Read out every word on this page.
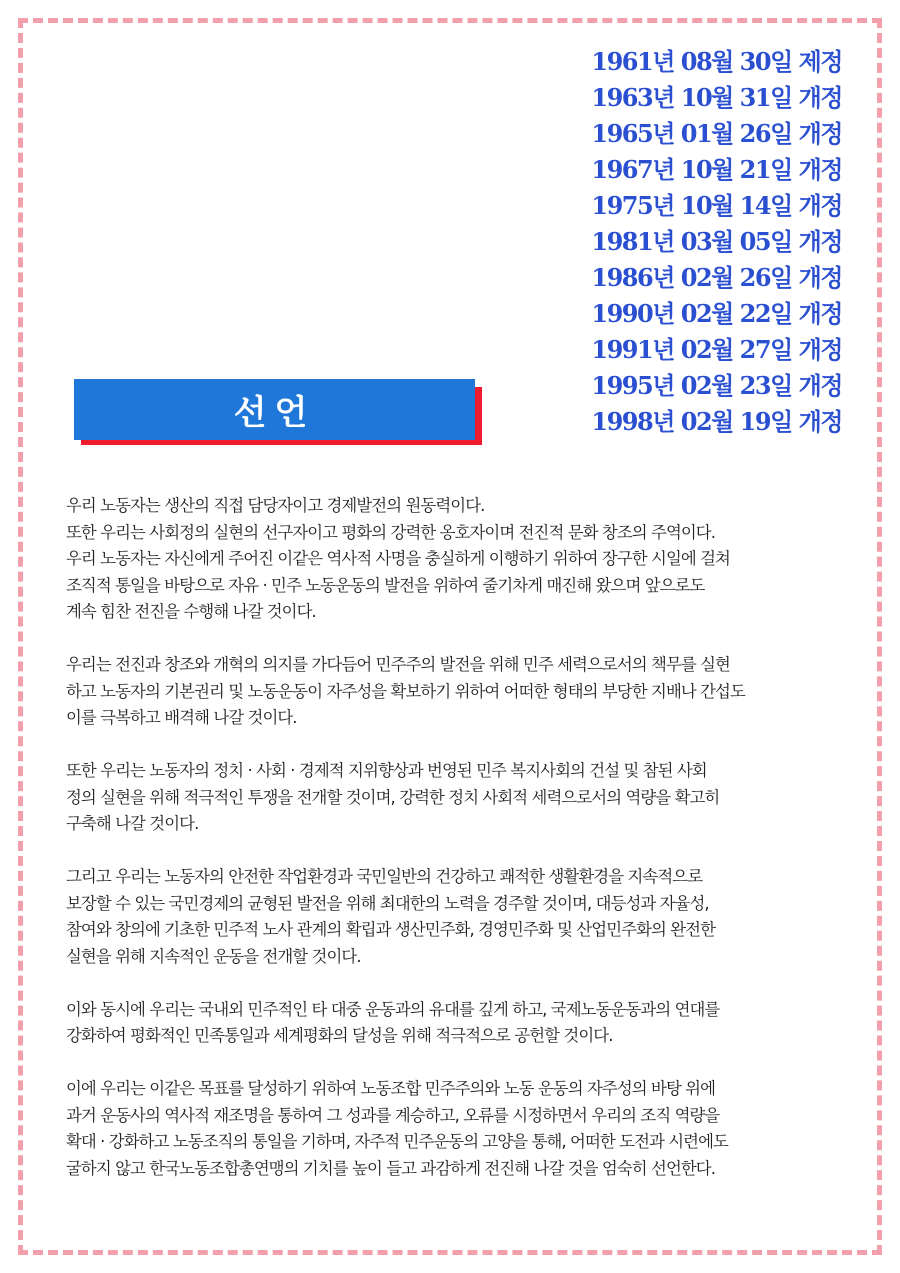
1961년 08월 30일 제정
1963년 10월 31일 개정
1965년 01월 26일 개정
1967년 10월 21일 개정
1975년 10월 14일 개정
1981년 03월 05일 개정
1986년 02월 26일 개정
1990년 02월 22일 개정
1991년 02월 27일 개정
1995년 02월 23일 개정
1998년 02월 19일 개정
선언

우리 노동자는 생산의 직접 담당자이고 경제발전의 원동력이다.
또한 우리는 사회정의 실현의 선구자이고 평화의 강력한 옹호자이며 전진적 문화 창조의 주역이다.
우리 노동자는 자신에게 주어진 이같은 역사적 사명을 충실하게 이행하기 위하여 장구한 시일에 걸쳐
조직적 통일을 바탕으로 자유 · 민주 노동운동의 발전을 위하여 줄기차게 매진해 왔으며 앞으로도
계속 힘찬 전진을 수행해 나갈 것이다.

우리는 전진과 창조와 개혁의 의지를 가다듬어 민주주의 발전을 위해 민주 세력으로서의 책무를 실현
하고 노동자의 기본권리 및 노동운동이 자주성을 확보하기 위하여 어떠한 형태의 부당한 지배나 간섭도
이를 극복하고 배격해 나갈 것이다.

또한 우리는 노동자의 정치 · 사회 · 경제적 지위향상과 번영된 민주 복지사회의 건설 및 참된 사회
정의 실현을 위해 적극적인 투쟁을 전개할 것이며, 강력한 정치 사회적 세력으로서의 역량을 확고히
구축해 나갈 것이다.

그리고 우리는 노동자의 안전한 작업환경과 국민일반의 건강하고 쾌적한 생활환경을 지속적으로
보장할 수 있는 국민경제의 균형된 발전을 위해 최대한의 노력을 경주할 것이며, 대등성과 자율성,
참여와 창의에 기초한 민주적 노사 관계의 확립과 생산민주화, 경영민주화 및 산업민주화의 완전한
실현을 위해 지속적인 운동을 전개할 것이다.

이와 동시에 우리는 국내외 민주적인 타 대중 운동과의 유대를 깊게 하고, 국제노동운동과의 연대를
강화하여 평화적인 민족통일과 세계평화의 달성을 위해 적극적으로 공헌할 것이다.

이에 우리는 이같은 목표를 달성하기 위하여 노동조합 민주주의와 노동 운동의 자주성의 바탕 위에
과거 운동사의 역사적 재조명을 통하여 그 성과를 계승하고, 오류를 시정하면서 우리의 조직 역량을
확대 · 강화하고 노동조직의 통일을 기하며, 자주적 민주운동의 고양을 통해, 어떠한 도전과 시련에도
굴하지 않고 한국노동조합총연맹의 기치를 높이 들고 과감하게 전진해 나갈 것을 엄숙히 선언한다.
